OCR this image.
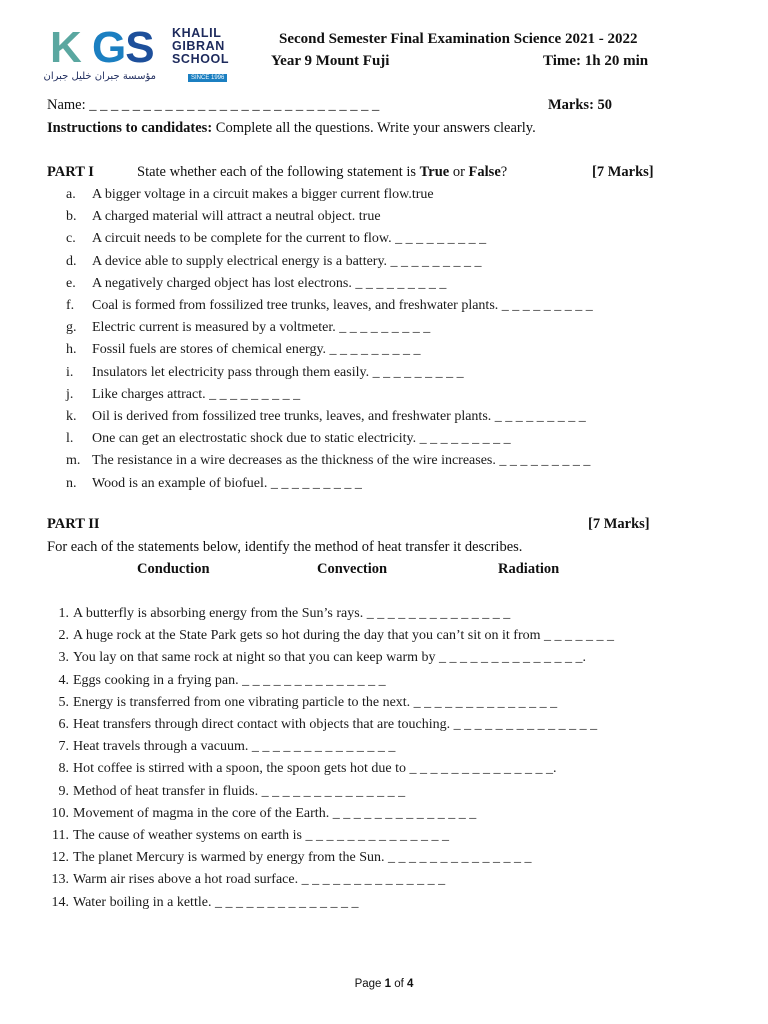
K GS KHALIL
GIBRAN
SCHOOL
مؤسسة جبران خليل جبران	SINCE 1996
Second Semester Final Examination Science 2021 - 2022
Year 9 Mount Fuji	Time: 1h 20 min
Name: _ _ _ _ _ _ _ _ _ _ _ _ _ _ _ _ _ _ _ _ _ _ _ _ _ _ _	Marks: 50
Instructions to candidates: Complete all the questions. Write your answers clearly.
PART I	State whether each of the following statement is True or False?	[7 Marks]
a. A bigger voltage in a circuit makes a bigger current flow.true
b. A charged material will attract a neutral object. true
c. A circuit needs to be complete for the current to flow. _ _ _ _ _ _ _ _ _
d. A device able to supply electrical energy is a battery. _ _ _ _ _ _ _ _ _
e. A negatively charged object has lost electrons. _ _ _ _ _ _ _ _ _
f. Coal is formed from fossilized tree trunks, leaves, and freshwater plants. _ _ _ _ _ _ _ _ _
g. Electric current is measured by a voltmeter. _ _ _ _ _ _ _ _ _
h. Fossil fuels are stores of chemical energy. _ _ _ _ _ _ _ _ _
i. Insulators let electricity pass through them easily. _ _ _ _ _ _ _ _ _
j. Like charges attract. _ _ _ _ _ _ _ _ _
k. Oil is derived from fossilized tree trunks, leaves, and freshwater plants. _ _ _ _ _ _ _ _ _
l. One can get an electrostatic shock due to static electricity. _ _ _ _ _ _ _ _ _
m. The resistance in a wire decreases as the thickness of the wire increases. _ _ _ _ _ _ _ _ _
n. Wood is an example of biofuel. _ _ _ _ _ _ _ _ _
PART II	[7 Marks]
For each of the statements below, identify the method of heat transfer it describes.
Conduction	Convection	Radiation
1. A butterfly is absorbing energy from the Sun’s rays. _ _ _ _ _ _ _ _ _ _ _ _ _ _
2. A huge rock at the State Park gets so hot during the day that you can’t sit on it from _ _ _ _ _ _ _
3. You lay on that same rock at night so that you can keep warm by _ _ _ _ _ _ _ _ _ _ _ _ _ _.
4. Eggs cooking in a frying pan. _ _ _ _ _ _ _ _ _ _ _ _ _ _
5. Energy is transferred from one vibrating particle to the next. _ _ _ _ _ _ _ _ _ _ _ _ _ _
6. Heat transfers through direct contact with objects that are touching. _ _ _ _ _ _ _ _ _ _ _ _ _ _
7. Heat travels through a vacuum. _ _ _ _ _ _ _ _ _ _ _ _ _ _
8. Hot coffee is stirred with a spoon, the spoon gets hot due to _ _ _ _ _ _ _ _ _ _ _ _ _ _.
9. Method of heat transfer in fluids. _ _ _ _ _ _ _ _ _ _ _ _ _ _
10. Movement of magma in the core of the Earth. _ _ _ _ _ _ _ _ _ _ _ _ _ _
11. The cause of weather systems on earth is _ _ _ _ _ _ _ _ _ _ _ _ _ _
12. The planet Mercury is warmed by energy from the Sun. _ _ _ _ _ _ _ _ _ _ _ _ _ _
13. Warm air rises above a hot road surface. _ _ _ _ _ _ _ _ _ _ _ _ _ _
14. Water boiling in a kettle. _ _ _ _ _ _ _ _ _ _ _ _ _ _
Page 1 of 4
